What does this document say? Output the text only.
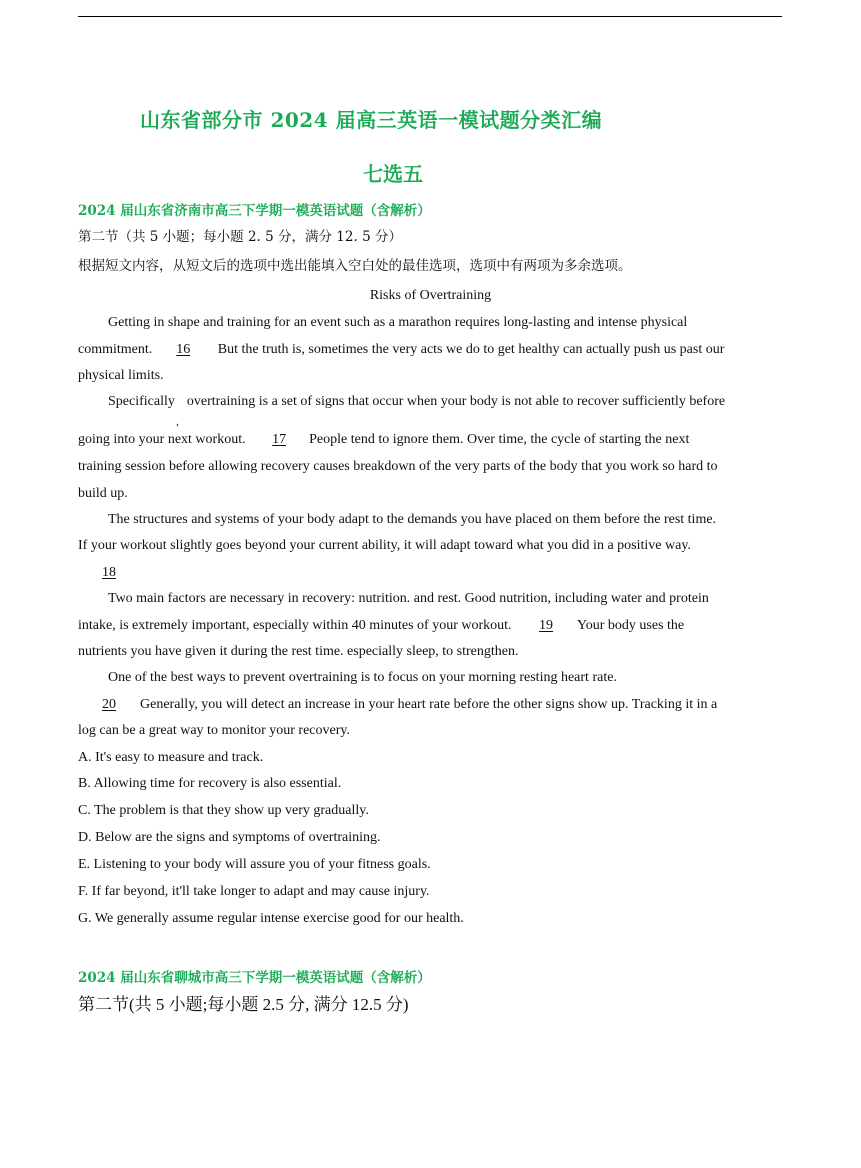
山东省部分市 2024 届高三英语一模试题分类汇编
七选五
2024 届山东省济南市高三下学期一模英语试题（含解析）
第二节（共 5 小题；每小题 2. 5 分，满分 12. 5 分）
根据短文内容，从短文后的选项中选出能填入空白处的最佳选项，选项中有两项为多余选项。
Risks of Overtraining
Getting in shape and training for an event such as a marathon requires long-lasting and intense physical
commitment. 16 But the truth is, sometimes the very acts we do to get healthy can actually push us past our
physical limits.
Specifically
，
overtraining is a set of signs that occur when your body is not able to recover sufficiently before
going into your next workout. 17 People tend to ignore them. Over time, the cycle of starting the next
training session before allowing recovery causes breakdown of the very parts of the body that you work so hard to
build up.
The structures and systems of your body adapt to the demands you have placed on them before the rest time.
If your workout slightly goes beyond your current ability, it will adapt toward what you did in a positive way.
18
Two main factors are necessary in recovery: nutrition. and rest. Good nutrition, including water and protein
intake, is extremely important, especially within 40 minutes of your workout. 19 Your body uses the
nutrients you have given it during the rest time. especially sleep, to strengthen.
One of the best ways to prevent overtraining is to focus on your morning resting heart rate.
20 Generally, you will detect an increase in your heart rate before the other signs show up. Tracking it in a
log can be a great way to monitor your recovery.
A. It's easy to measure and track.
B. Allowing time for recovery is also essential.
C. The problem is that they show up very gradually.
D. Below are the signs and symptoms of overtraining.
E. Listening to your body will assure you of your fitness goals.
F. If far beyond, it'll take longer to adapt and may cause injury.
G. We generally assume regular intense exercise good for our health.
2024 届山东省聊城市高三下学期一模英语试题（含解析）
第二节(共 5 小题;每小题 2.5 分, 满分 12.5 分)
